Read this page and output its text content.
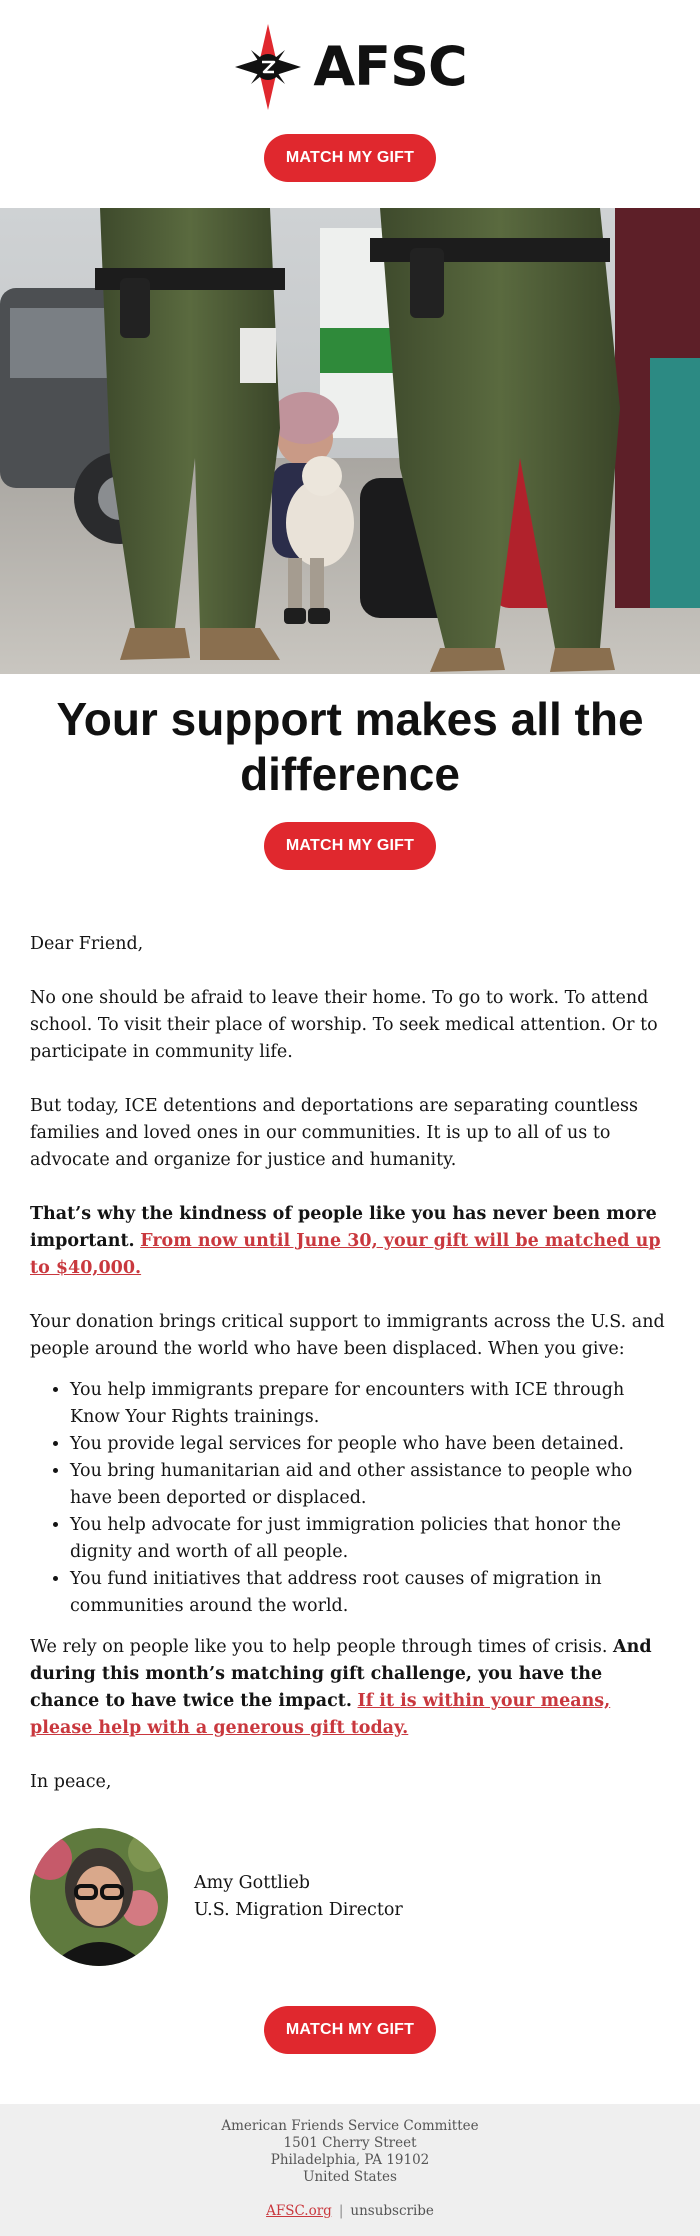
AFSC
MATCH MY GIFT
Your support makes all the difference
MATCH MY GIFT

Dear Friend,

No one should be afraid to leave their home. To go to work. To attend school. To visit their place of worship. To seek medical attention. Or to participate in community life.

But today, ICE detentions and deportations are separating countless families and loved ones in our communities. It is up to all of us to advocate and organize for justice and humanity.

That’s why the kindness of people like you has never been more important. From now until June 30, your gift will be matched up to $40,000.

Your donation brings critical support to immigrants across the U.S. and people around the world who have been displaced. When you give:

• You help immigrants prepare for encounters with ICE through Know Your Rights trainings.
• You provide legal services for people who have been detained.
• You bring humanitarian aid and other assistance to people who have been deported or displaced.
• You help advocate for just immigration policies that honor the dignity and worth of all people.
• You fund initiatives that address root causes of migration in communities around the world.

We rely on people like you to help people through times of crisis. And during this month’s matching gift challenge, you have the chance to have twice the impact. If it is within your means, please help with a generous gift today.

In peace,

Amy Gottlieb
U.S. Migration Director
MATCH MY GIFT
American Friends Service Committee
1501 Cherry Street
Philadelphia, PA 19102
United States
AFSC.org | unsubscribe
